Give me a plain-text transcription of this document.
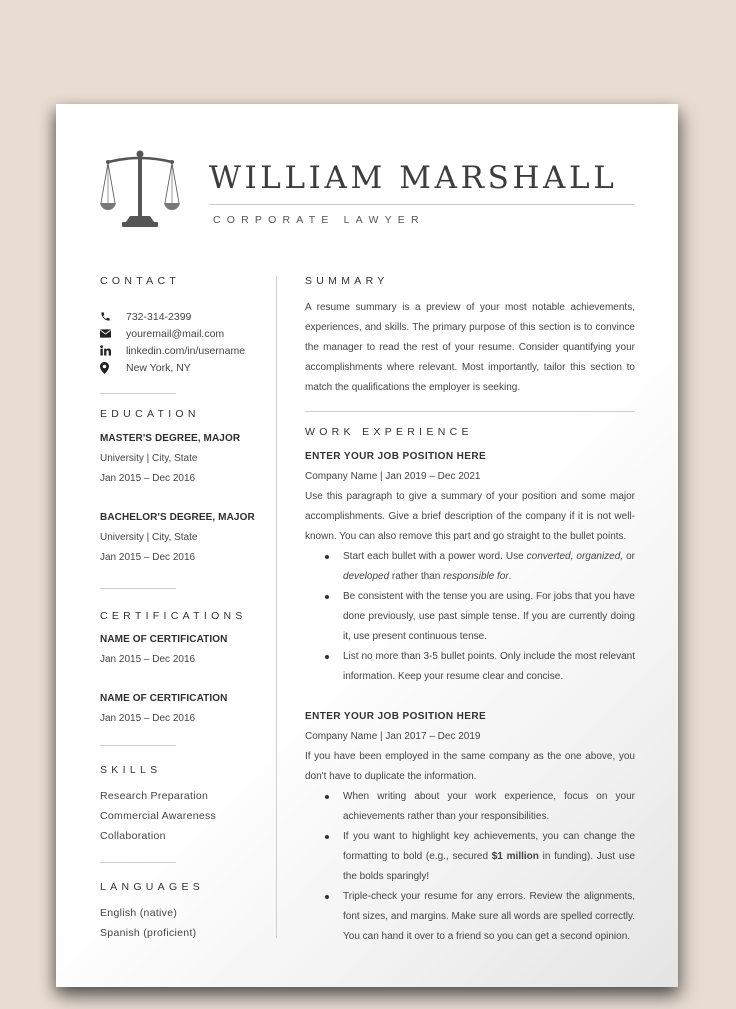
WILLIAM MARSHALL
CORPORATE LAWYER
CONTACT
732-314-2399
youremail@mail.com
linkedin.com/in/username
New York, NY
EDUCATION
MASTER'S DEGREE, MAJOR
University | City, State
Jan 2015 – Dec 2016
BACHELOR'S DEGREE, MAJOR
University | City, State
Jan 2015 – Dec 2016
CERTIFICATIONS
NAME OF CERTIFICATION
Jan 2015 – Dec 2016
NAME OF CERTIFICATION
Jan 2015 – Dec 2016
SKILLS
Research Preparation
Commercial Awareness
Collaboration
LANGUAGES
English (native)
Spanish (proficient)
SUMMARY
A resume summary is a preview of your most notable achievements, experiences, and skills. The primary purpose of this section is to convince the manager to read the rest of your resume. Consider quantifying your accomplishments where relevant. Most importantly, tailor this section to match the qualifications the employer is seeking.
WORK EXPERIENCE
ENTER YOUR JOB POSITION HERE
Company Name | Jan 2019 – Dec 2021
Use this paragraph to give a summary of your position and some major accomplishments. Give a brief description of the company if it is not well-known. You can also remove this part and go straight to the bullet points.
Start each bullet with a power word. Use converted, organized, or developed rather than responsible for.
Be consistent with the tense you are using. For jobs that you have done previously, use past simple tense. If you are currently doing it, use present continuous tense.
List no more than 3-5 bullet points. Only include the most relevant information. Keep your resume clear and concise.
ENTER YOUR JOB POSITION HERE
Company Name | Jan 2017 – Dec 2019
If you have been employed in the same company as the one above, you don't have to duplicate the information.
When writing about your work experience, focus on your achievements rather than your responsibilities.
If you want to highlight key achievements, you can change the formatting to bold (e.g., secured $1 million in funding). Just use the bolds sparingly!
Triple-check your resume for any errors. Review the alignments, font sizes, and margins. Make sure all words are spelled correctly. You can hand it over to a friend so you can get a second opinion.
